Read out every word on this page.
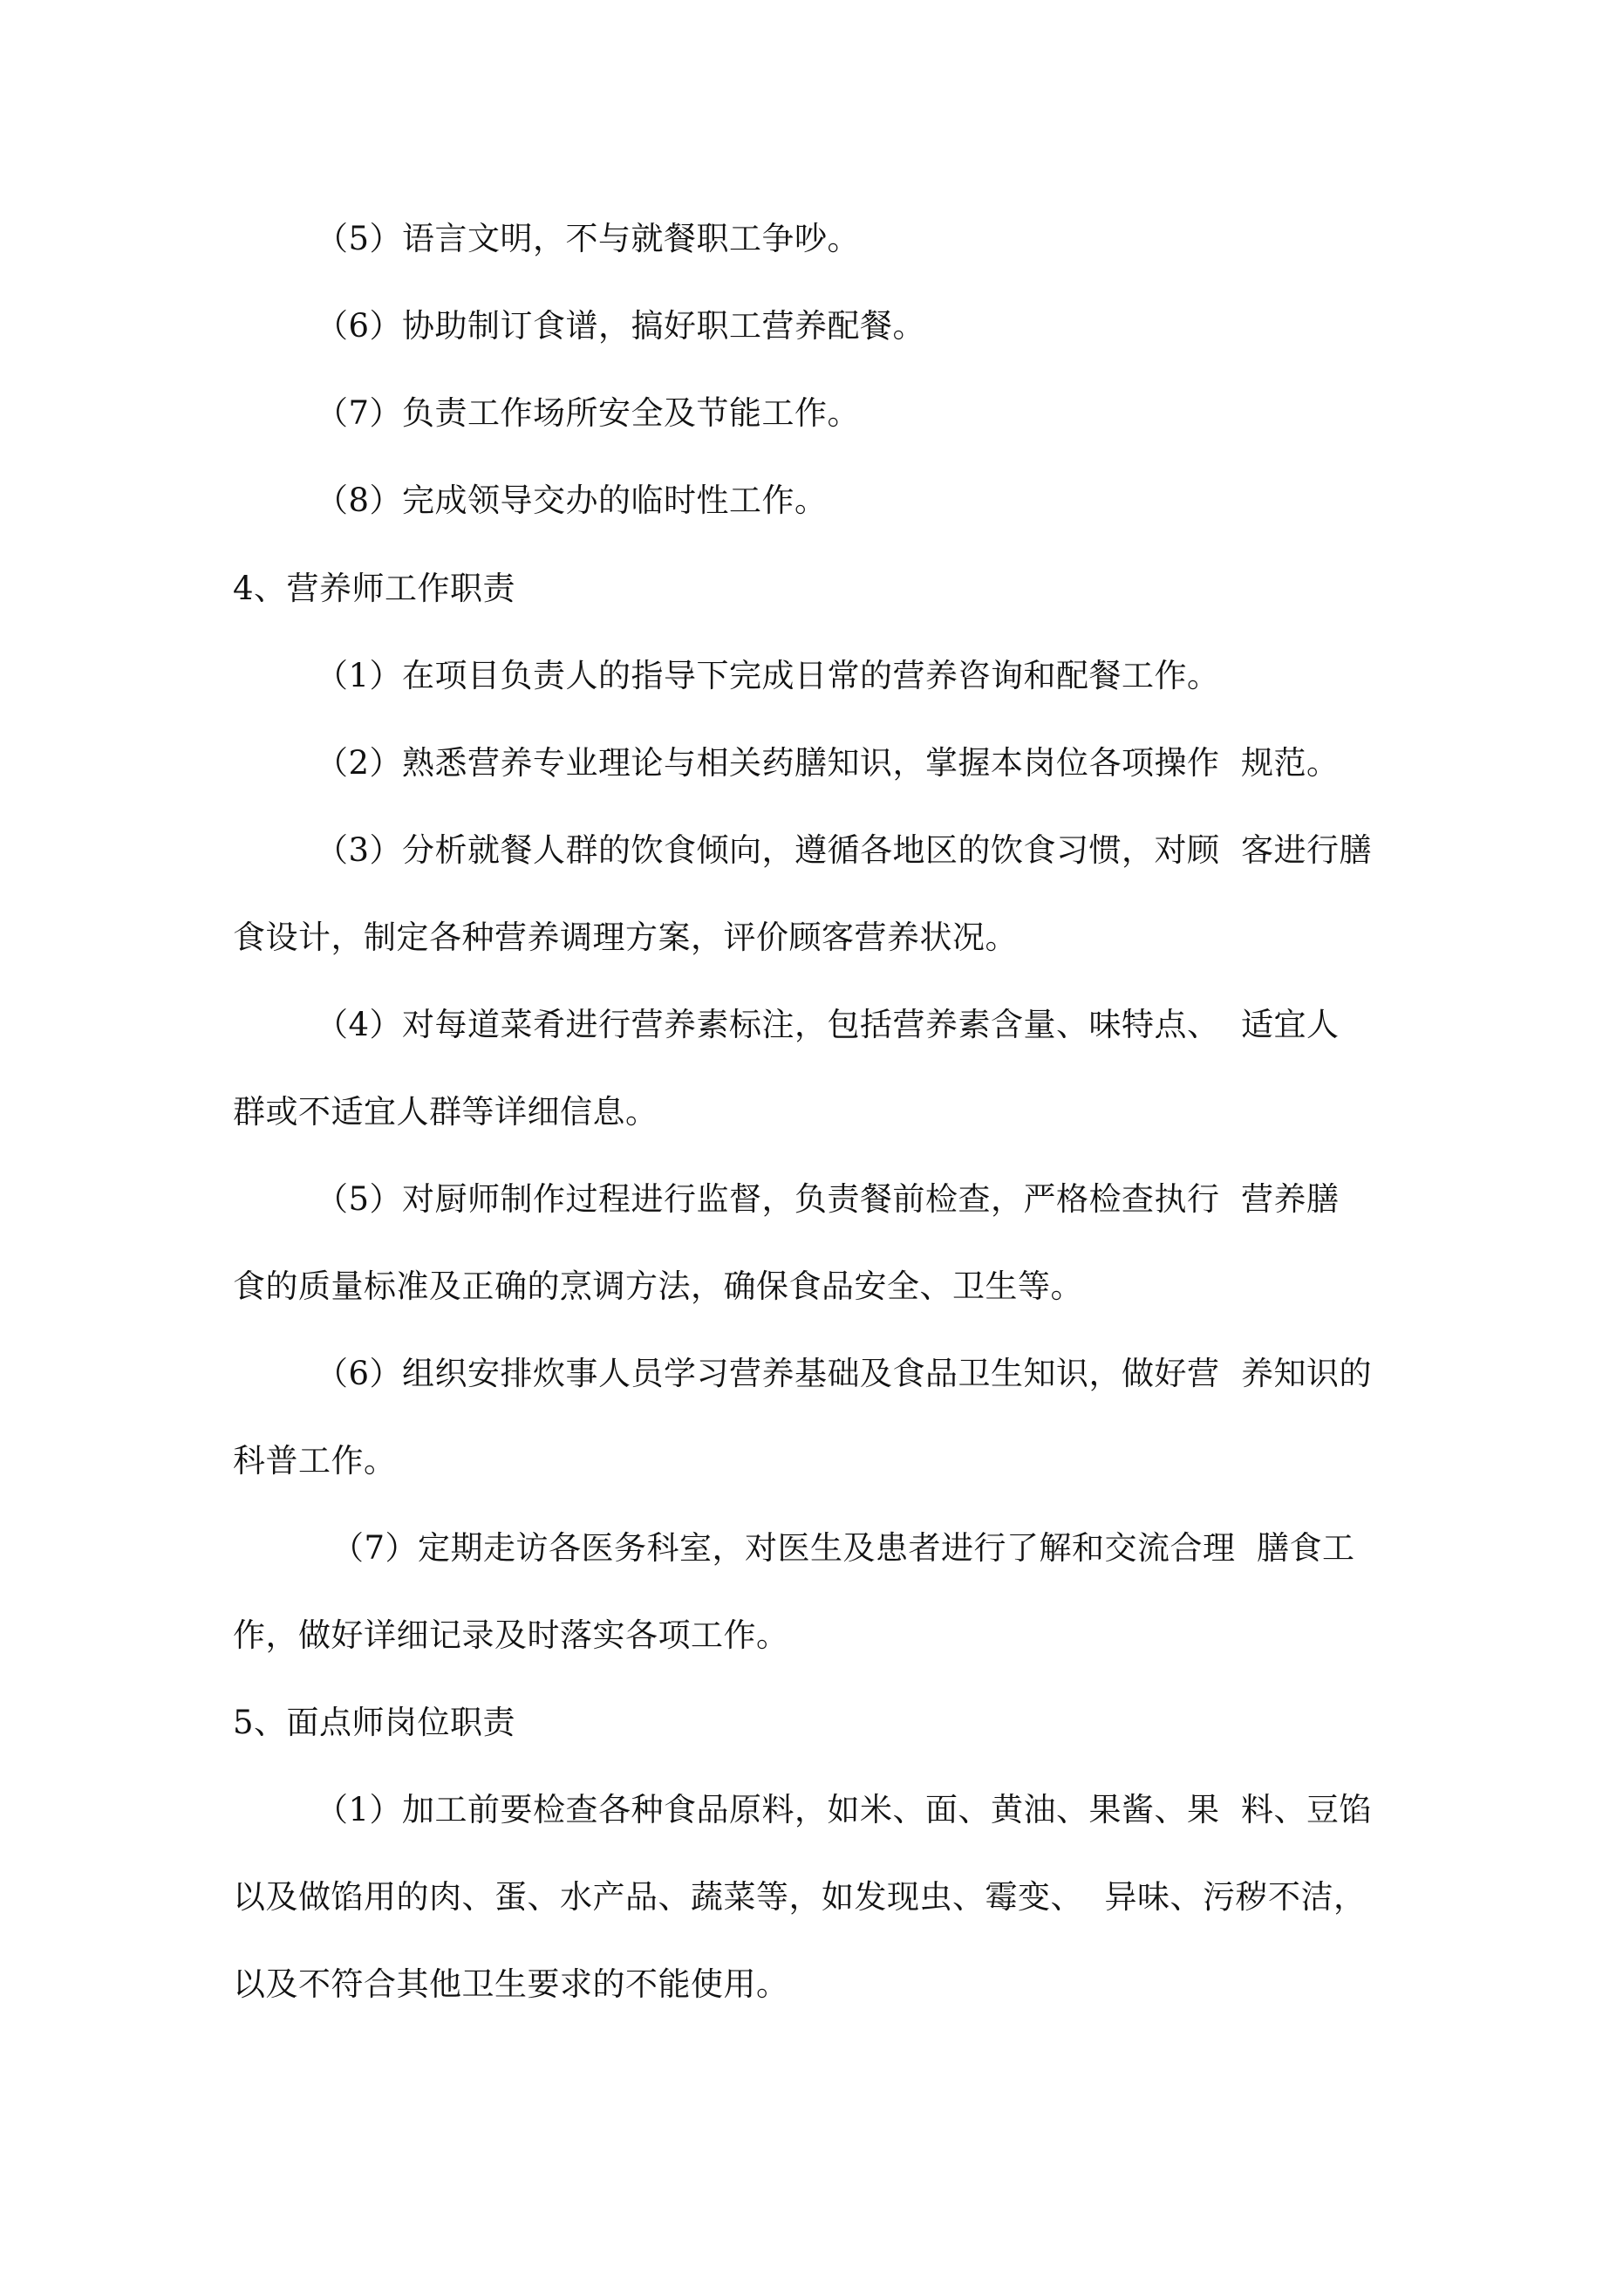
（5）语言文明，不与就餐职工争吵。
（6）协助制订食谱，搞好职工营养配餐。
（7）负责工作场所安全及节能工作。
（8）完成领导交办的临时性工作。
4、营养师工作职责
（1）在项目负责人的指导下完成日常的营养咨询和配餐工作。
（2）熟悉营养专业理论与相关药膳知识，掌握本岗位各项操作  规范。
（3）分析就餐人群的饮食倾向，遵循各地区的饮食习惯，对顾  客进行膳
食设计，制定各种营养调理方案，评价顾客营养状况。
（4）对每道菜肴进行营养素标注，包括营养素含量、味特点、  适宜人
群或不适宜人群等详细信息。
（5）对厨师制作过程进行监督，负责餐前检查，严格检查执行  营养膳
食的质量标准及正确的烹调方法，确保食品安全、卫生等。
（6）组织安排炊事人员学习营养基础及食品卫生知识，做好营  养知识的
科普工作。
（7）定期走访各医务科室，对医生及患者进行了解和交流合理  膳食工
作，做好详细记录及时落实各项工作。
5、面点师岗位职责
（1）加工前要检查各种食品原料，如米、面、黄油、果酱、果  料、豆馅
以及做馅用的肉、蛋、水产品、蔬菜等，如发现虫、霉变、  异味、污秽不洁，
以及不符合其他卫生要求的不能使用。
